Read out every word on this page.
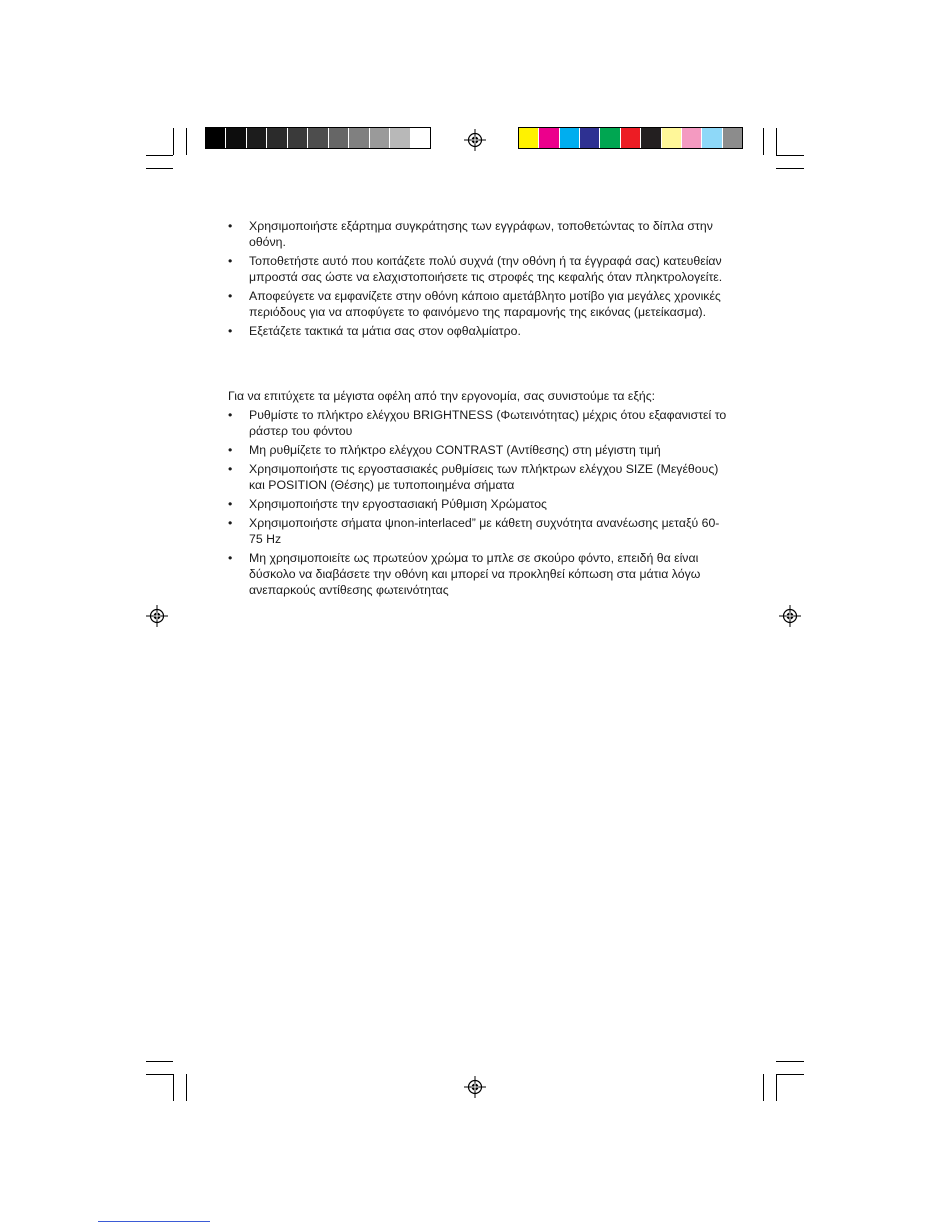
• Χρησιμοποιήστε εξάρτημα συγκράτησης των εγγράφων, τοποθετώντας το δίπλα στην οθόνη.
• Τοποθετήστε αυτό που κοιτάζετε πολύ συχνά (την οθόνη ή τα έγγραφά σας) κατευθείαν μπροστά σας ώστε να ελαχιστοποιήσετε τις στροφές της κεφαλής όταν πληκτρολογείτε.
• Αποφεύγετε να εμφανίζετε στην οθόνη κάποιο αμετάβλητο μοτίβο για μεγάλες χρονικές περιόδους για να αποφύγετε το φαινόμενο της παραμονής της εικόνας (μετείκασμα).
• Εξετάζετε τακτικά τα μάτια σας στον οφθαλμίατρο.

Για να επιτύχετε τα μέγιστα οφέλη από την εργονομία, σας συνιστούμε τα εξής:

• Ρυθμίστε το πλήκτρο ελέγχου BRIGHTNESS (Φωτεινότητας) μέχρις ότου εξαφανιστεί το ράστερ του φόντου
• Μη ρυθμίζετε το πλήκτρο ελέγχου CONTRAST (Αντίθεσης) στη μέγιστη τιμή
• Χρησιμοποιήστε τις εργοστασιακές ρυθμίσεις των πλήκτρων ελέγχου SIZE (Μεγέθους) και POSITION (Θέσης) με τυποποιημένα σήματα
• Χρησιμοποιήστε την εργοστασιακή Ρύθμιση Χρώματος
• Χρησιμοποιήστε σήματα ψnon-interlaced” με κάθετη συχνότητα ανανέωσης μεταξύ 60-75 Hz
• Μη χρησιμοποιείτε ως πρωτεύον χρώμα το μπλε σε σκούρο φόντο, επειδή θα είναι δύσκολο να διαβάσετε την οθόνη και μπορεί να προκληθεί κόπωση στα μάτια λόγω ανεπαρκούς αντίθεσης φωτεινότητας
